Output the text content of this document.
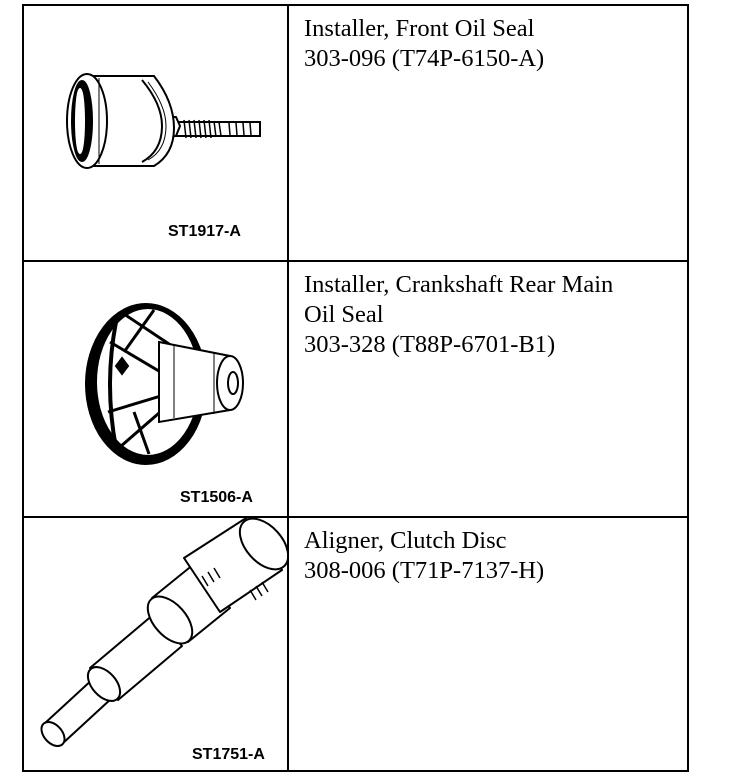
ST1917-A
Installer, Front Oil Seal
303-096 (T74P-6150-A)
ST1506-A
Installer, Crankshaft Rear Main
Oil Seal
303-328 (T88P-6701-B1)
ST1751-A
Aligner, Clutch Disc
308-006 (T71P-7137-H)
